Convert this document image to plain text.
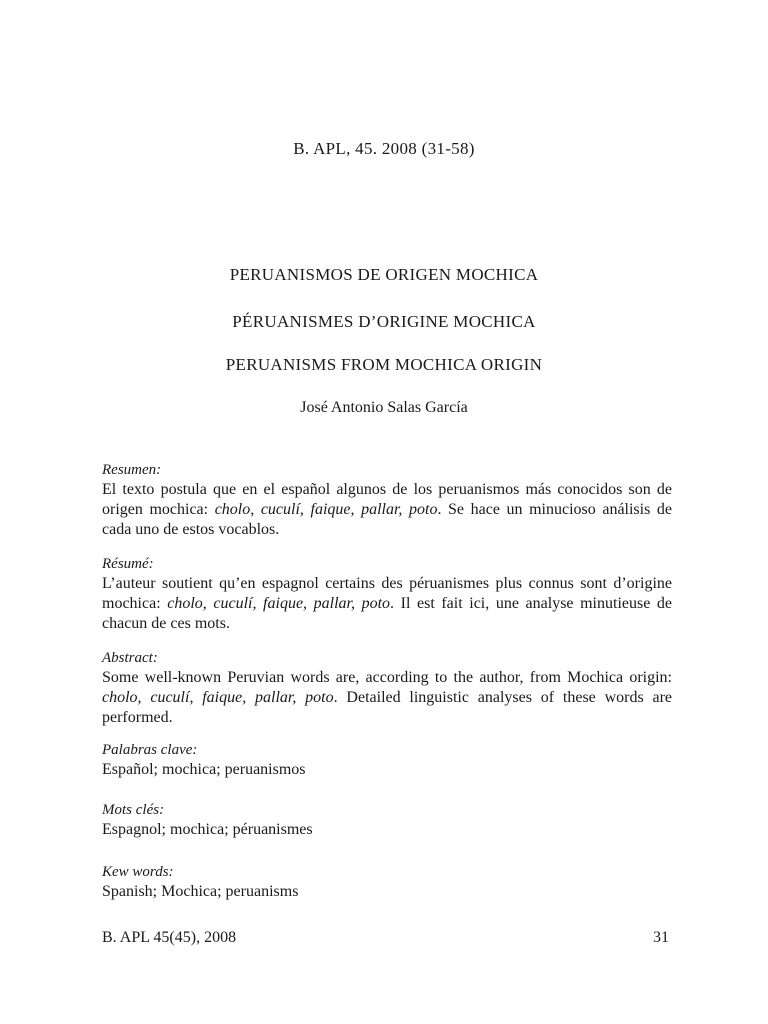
B. APL, 45. 2008 (31-58)
PERUANISMOS DE ORIGEN MOCHICA
PÉRUANISMES D’ORIGINE MOCHICA
PERUANISMS FROM MOCHICA ORIGIN
José Antonio Salas García
Resumen:
El texto postula que en el español algunos de los peruanismos más conocidos son de origen mochica: cholo, cuculí, faique, pallar, poto. Se hace un minucioso análisis de cada uno de estos vocablos.
Résumé:
L’auteur soutient qu’en espagnol certains des péruanismes plus connus sont d’origine mochica: cholo, cuculí, faique, pallar, poto. Il est fait ici, une analyse minutieuse de chacun de ces mots.
Abstract:
Some well-known Peruvian words are, according to the author, from Mochica origin: cholo, cuculí, faique, pallar, poto. Detailed linguistic analyses of these words are performed.
Palabras clave:
Español; mochica; peruanismos
Mots clés:
Espagnol; mochica; péruanismes
Kew words:
Spanish; Mochica; peruanisms
B. APL 45(45), 2008	31
